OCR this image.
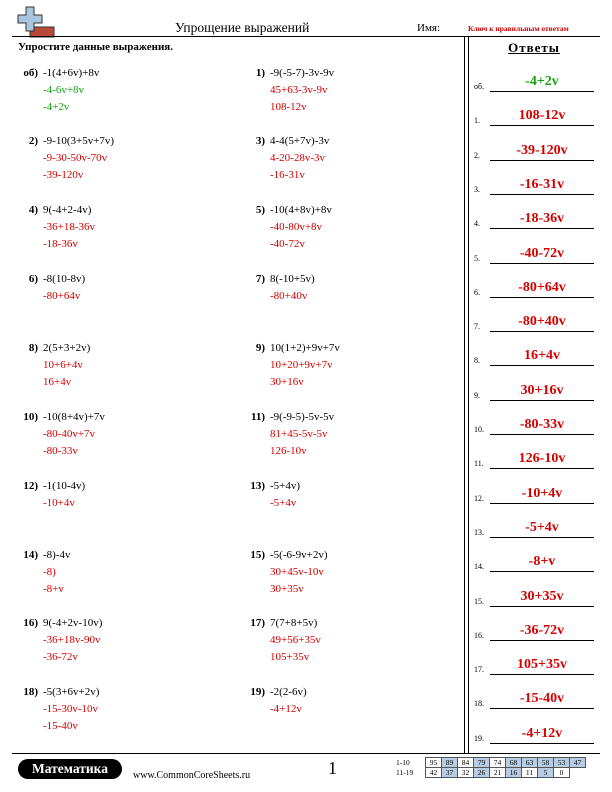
Упрощение выражений	Имя:	Ключ к правильным ответам
Упростите данные выражения.	Ответы
об) -1(4+6v)+8v
-4-6v+8v
-4+2v
1) -9(-5-7)-3v-9v
45+63-3v-9v
108-12v
2) -9-10(3+5v+7v)
-9-30-50v-70v
-39-120v
3) 4-4(5+7v)-3v
4-20-28v-3v
-16-31v
4) 9(-4+2-4v)
-36+18-36v
-18-36v
5) -10(4+8v)+8v
-40-80v+8v
-40-72v
6) -8(10-8v)
-80+64v

7) 8(-10+5v)
-80+40v

8) 2(5+3+2v)
10+6+4v
16+4v
9) 10(1+2)+9v+7v
10+20+9v+7v
30+16v
10) -10(8+4v)+7v
-80-40v+7v
-80-33v
11) -9(-9-5)-5v-5v
81+45-5v-5v
126-10v
12) -1(10-4v)
-10+4v

13) -5+4v)
-5+4v

14) -8)-4v
-8)
-8+v
15) -5(-6-9v+2v)
30+45v-10v
30+35v
16) 9(-4+2v-10v)
-36+18v-90v
-36-72v
17) 7(7+8+5v)
49+56+35v
105+35v
18) -5(3+6v+2v)
-15-30v-10v
-15-40v
19) -2(2-6v)
-4+12v

об.	-4+2v
1.	108-12v
2.	-39-120v
3.	-16-31v
4.	-18-36v
5.	-40-72v
6.	-80+64v
7.	-80+40v
8.	16+4v
9.	30+16v
10.	-80-33v
11.	126-10v
12.	-10+4v
13.	-5+4v
14.	-8+v
15.	30+35v
16.	-36-72v
17.	105+35v
18.	-15-40v
19.	-4+12v
Математика	www.CommonCoreSheets.ru	1	1-10	95	89	84	79	74	68	63	58	53	47
11-19	42	37	32	26	21	16	11	5	0	
